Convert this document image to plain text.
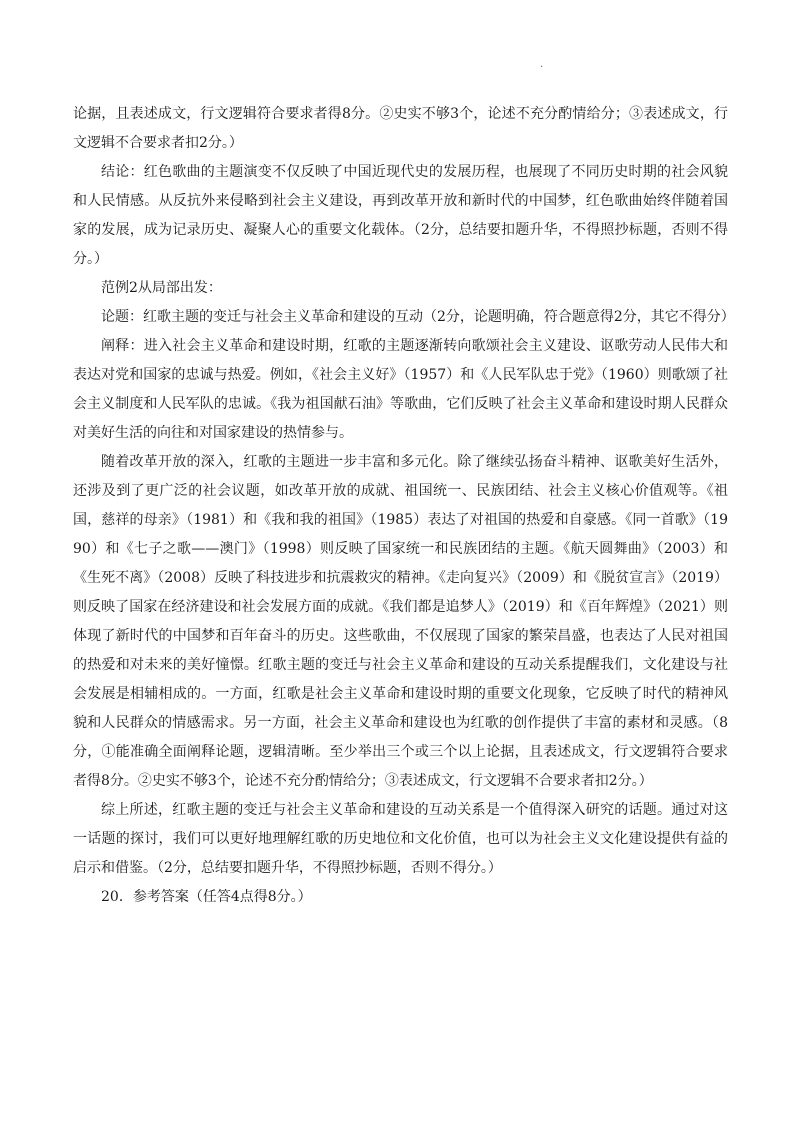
.

论据，且表述成文，行文逻辑符合要求者得8分。②史实不够3个，论述不充分酌情给分；③表述成文，行文逻辑不合要求者扣2分。）

结论：红色歌曲的主题演变不仅反映了中国近现代史的发展历程，也展现了不同历史时期的社会风貌和人民情感。从反抗外来侵略到社会主义建设，再到改革开放和新时代的中国梦，红色歌曲始终伴随着国家的发展，成为记录历史、凝聚人心的重要文化载体。（2分，总结要扣题升华，不得照抄标题，否则不得分。）

范例2从局部出发：

论题：红歌主题的变迁与社会主义革命和建设的互动（2分，论题明确，符合题意得2分，其它不得分）

阐释：进入社会主义革命和建设时期，红歌的主题逐渐转向歌颂社会主义建设、讴歌劳动人民伟大和表达对党和国家的忠诚与热爱。例如，《社会主义好》（1957）和《人民军队忠于党》（1960）则歌颂了社会主义制度和人民军队的忠诚。《我为祖国献石油》等歌曲，它们反映了社会主义革命和建设时期人民群众对美好生活的向往和对国家建设的热情参与。

随着改革开放的深入，红歌的主题进一步丰富和多元化。除了继续弘扬奋斗精神、讴歌美好生活外，还涉及到了更广泛的社会议题，如改革开放的成就、祖国统一、民族团结、社会主义核心价值观等。《祖国，慈祥的母亲》（1981）和《我和我的祖国》（1985）表达了对祖国的热爱和自豪感。《同一首歌》（1990）和《七子之歌——澳门》（1998）则反映了国家统一和民族团结的主题。《航天圆舞曲》（2003）和《生死不离》（2008）反映了科技进步和抗震救灾的精神。《走向复兴》（2009）和《脱贫宣言》（2019）则反映了国家在经济建设和社会发展方面的成就。《我们都是追梦人》（2019）和《百年辉煌》（2021）则体现了新时代的中国梦和百年奋斗的历史。这些歌曲，不仅展现了国家的繁荣昌盛，也表达了人民对祖国的热爱和对未来的美好憧憬。红歌主题的变迁与社会主义革命和建设的互动关系提醒我们，文化建设与社会发展是相辅相成的。一方面，红歌是社会主义革命和建设时期的重要文化现象，它反映了时代的精神风貌和人民群众的情感需求。另一方面，社会主义革命和建设也为红歌的创作提供了丰富的素材和灵感。（8分，①能准确全面阐释论题，逻辑清晰。至少举出三个或三个以上论据，且表述成文，行文逻辑符合要求者得8分。②史实不够3个，论述不充分酌情给分；③表述成文，行文逻辑不合要求者扣2分。）

综上所述，红歌主题的变迁与社会主义革命和建设的互动关系是一个值得深入研究的话题。通过对这一话题的探讨，我们可以更好地理解红歌的历史地位和文化价值，也可以为社会主义文化建设提供有益的启示和借鉴。（2分，总结要扣题升华，不得照抄标题，否则不得分。）

20．参考答案（任答4点得8分。）
